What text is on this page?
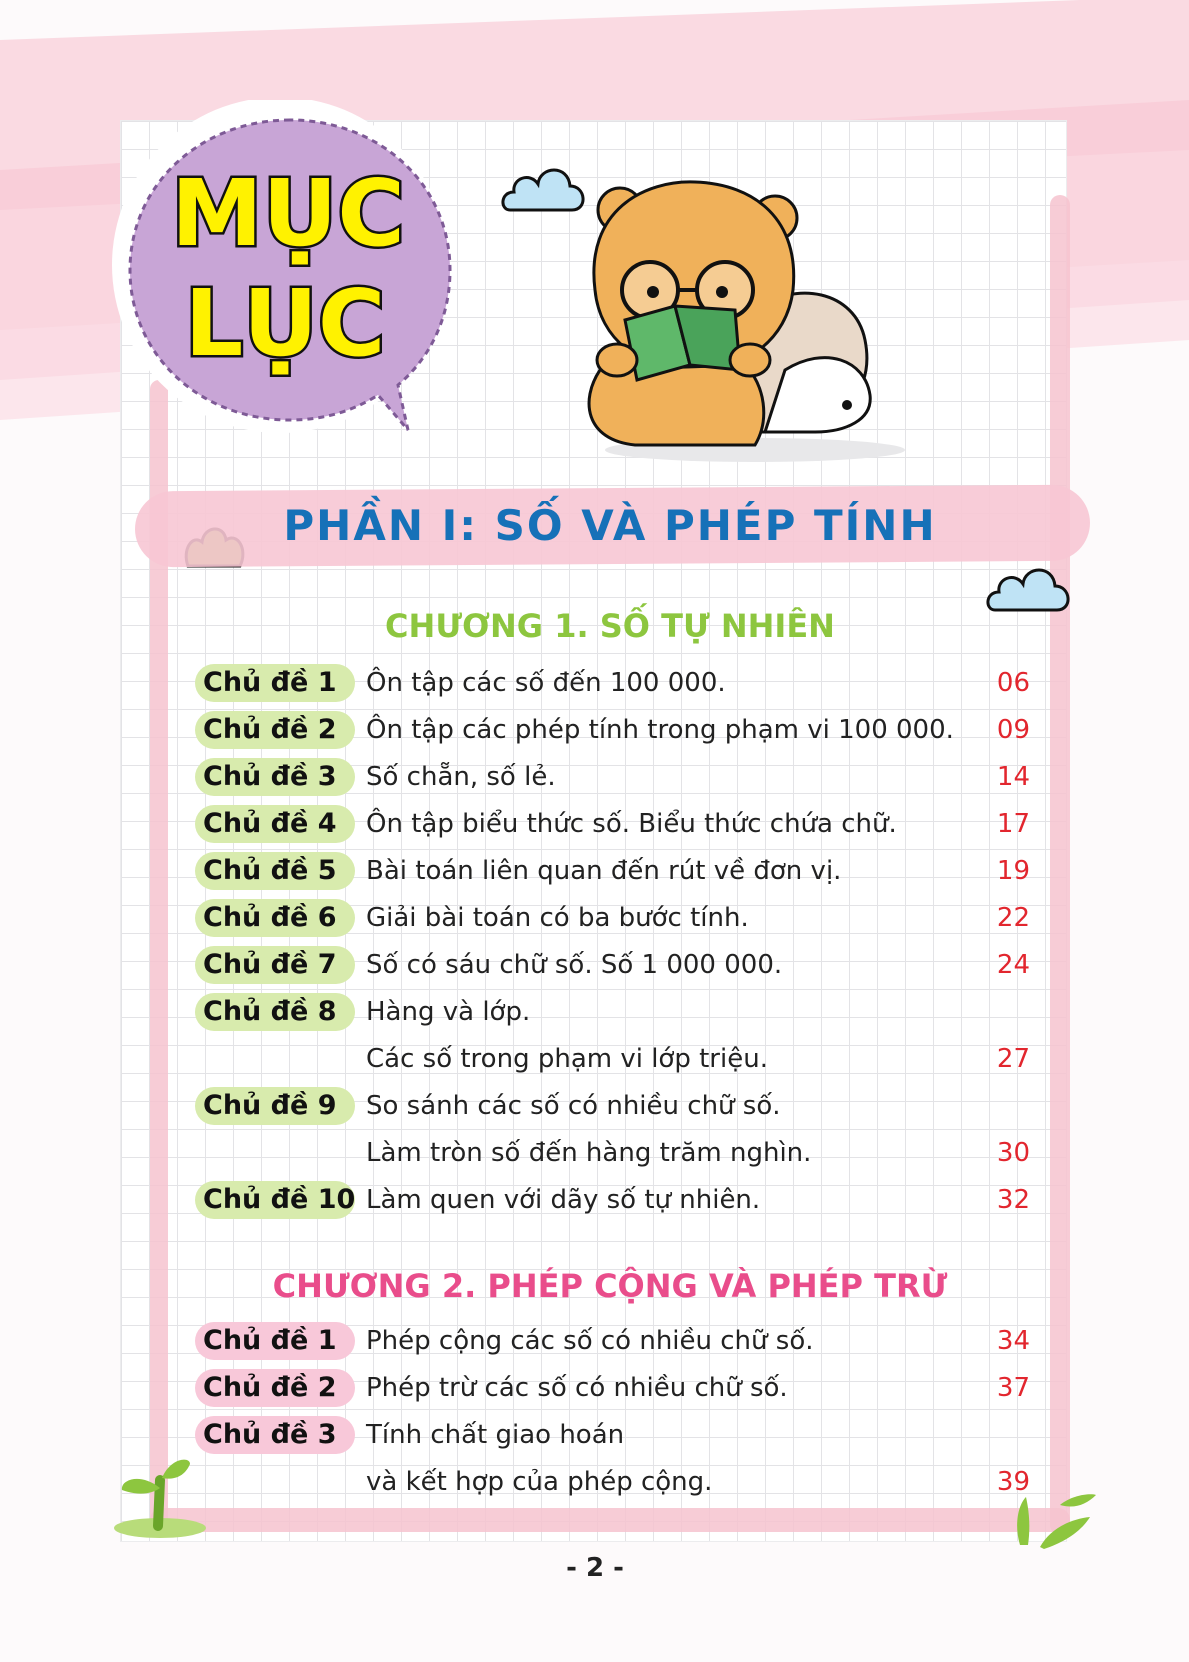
MỤC
LỤC
PHẦN I: SỐ VÀ PHÉP TÍNH
CHƯƠNG 1. SỐ TỰ NHIÊN
Chủ đề 1	Ôn tập các số đến 100 000.	06
Chủ đề 2	Ôn tập các phép tính trong phạm vi 100 000.	09
Chủ đề 3	Số chẵn, số lẻ.	14
Chủ đề 4	Ôn tập biểu thức số. Biểu thức chứa chữ.	17
Chủ đề 5	Bài toán liên quan đến rút về đơn vị.	19
Chủ đề 6	Giải bài toán có ba bước tính.	22
Chủ đề 7	Số có sáu chữ số. Số 1 000 000.	24
Chủ đề 8	Hàng và lớp.
Các số trong phạm vi lớp triệu.	27
Chủ đề 9	So sánh các số có nhiều chữ số.
Làm tròn số đến hàng trăm nghìn.	30
Chủ đề 10 Làm quen với dãy số tự nhiên.	32
CHƯƠNG 2. PHÉP CỘNG VÀ PHÉP TRỪ
Chủ đề 1	Phép cộng các số có nhiều chữ số.	34
Chủ đề 2	Phép trừ các số có nhiều chữ số.	37
Chủ đề 3	Tính chất giao hoán
và kết hợp của phép cộng.	39
- 2 -
